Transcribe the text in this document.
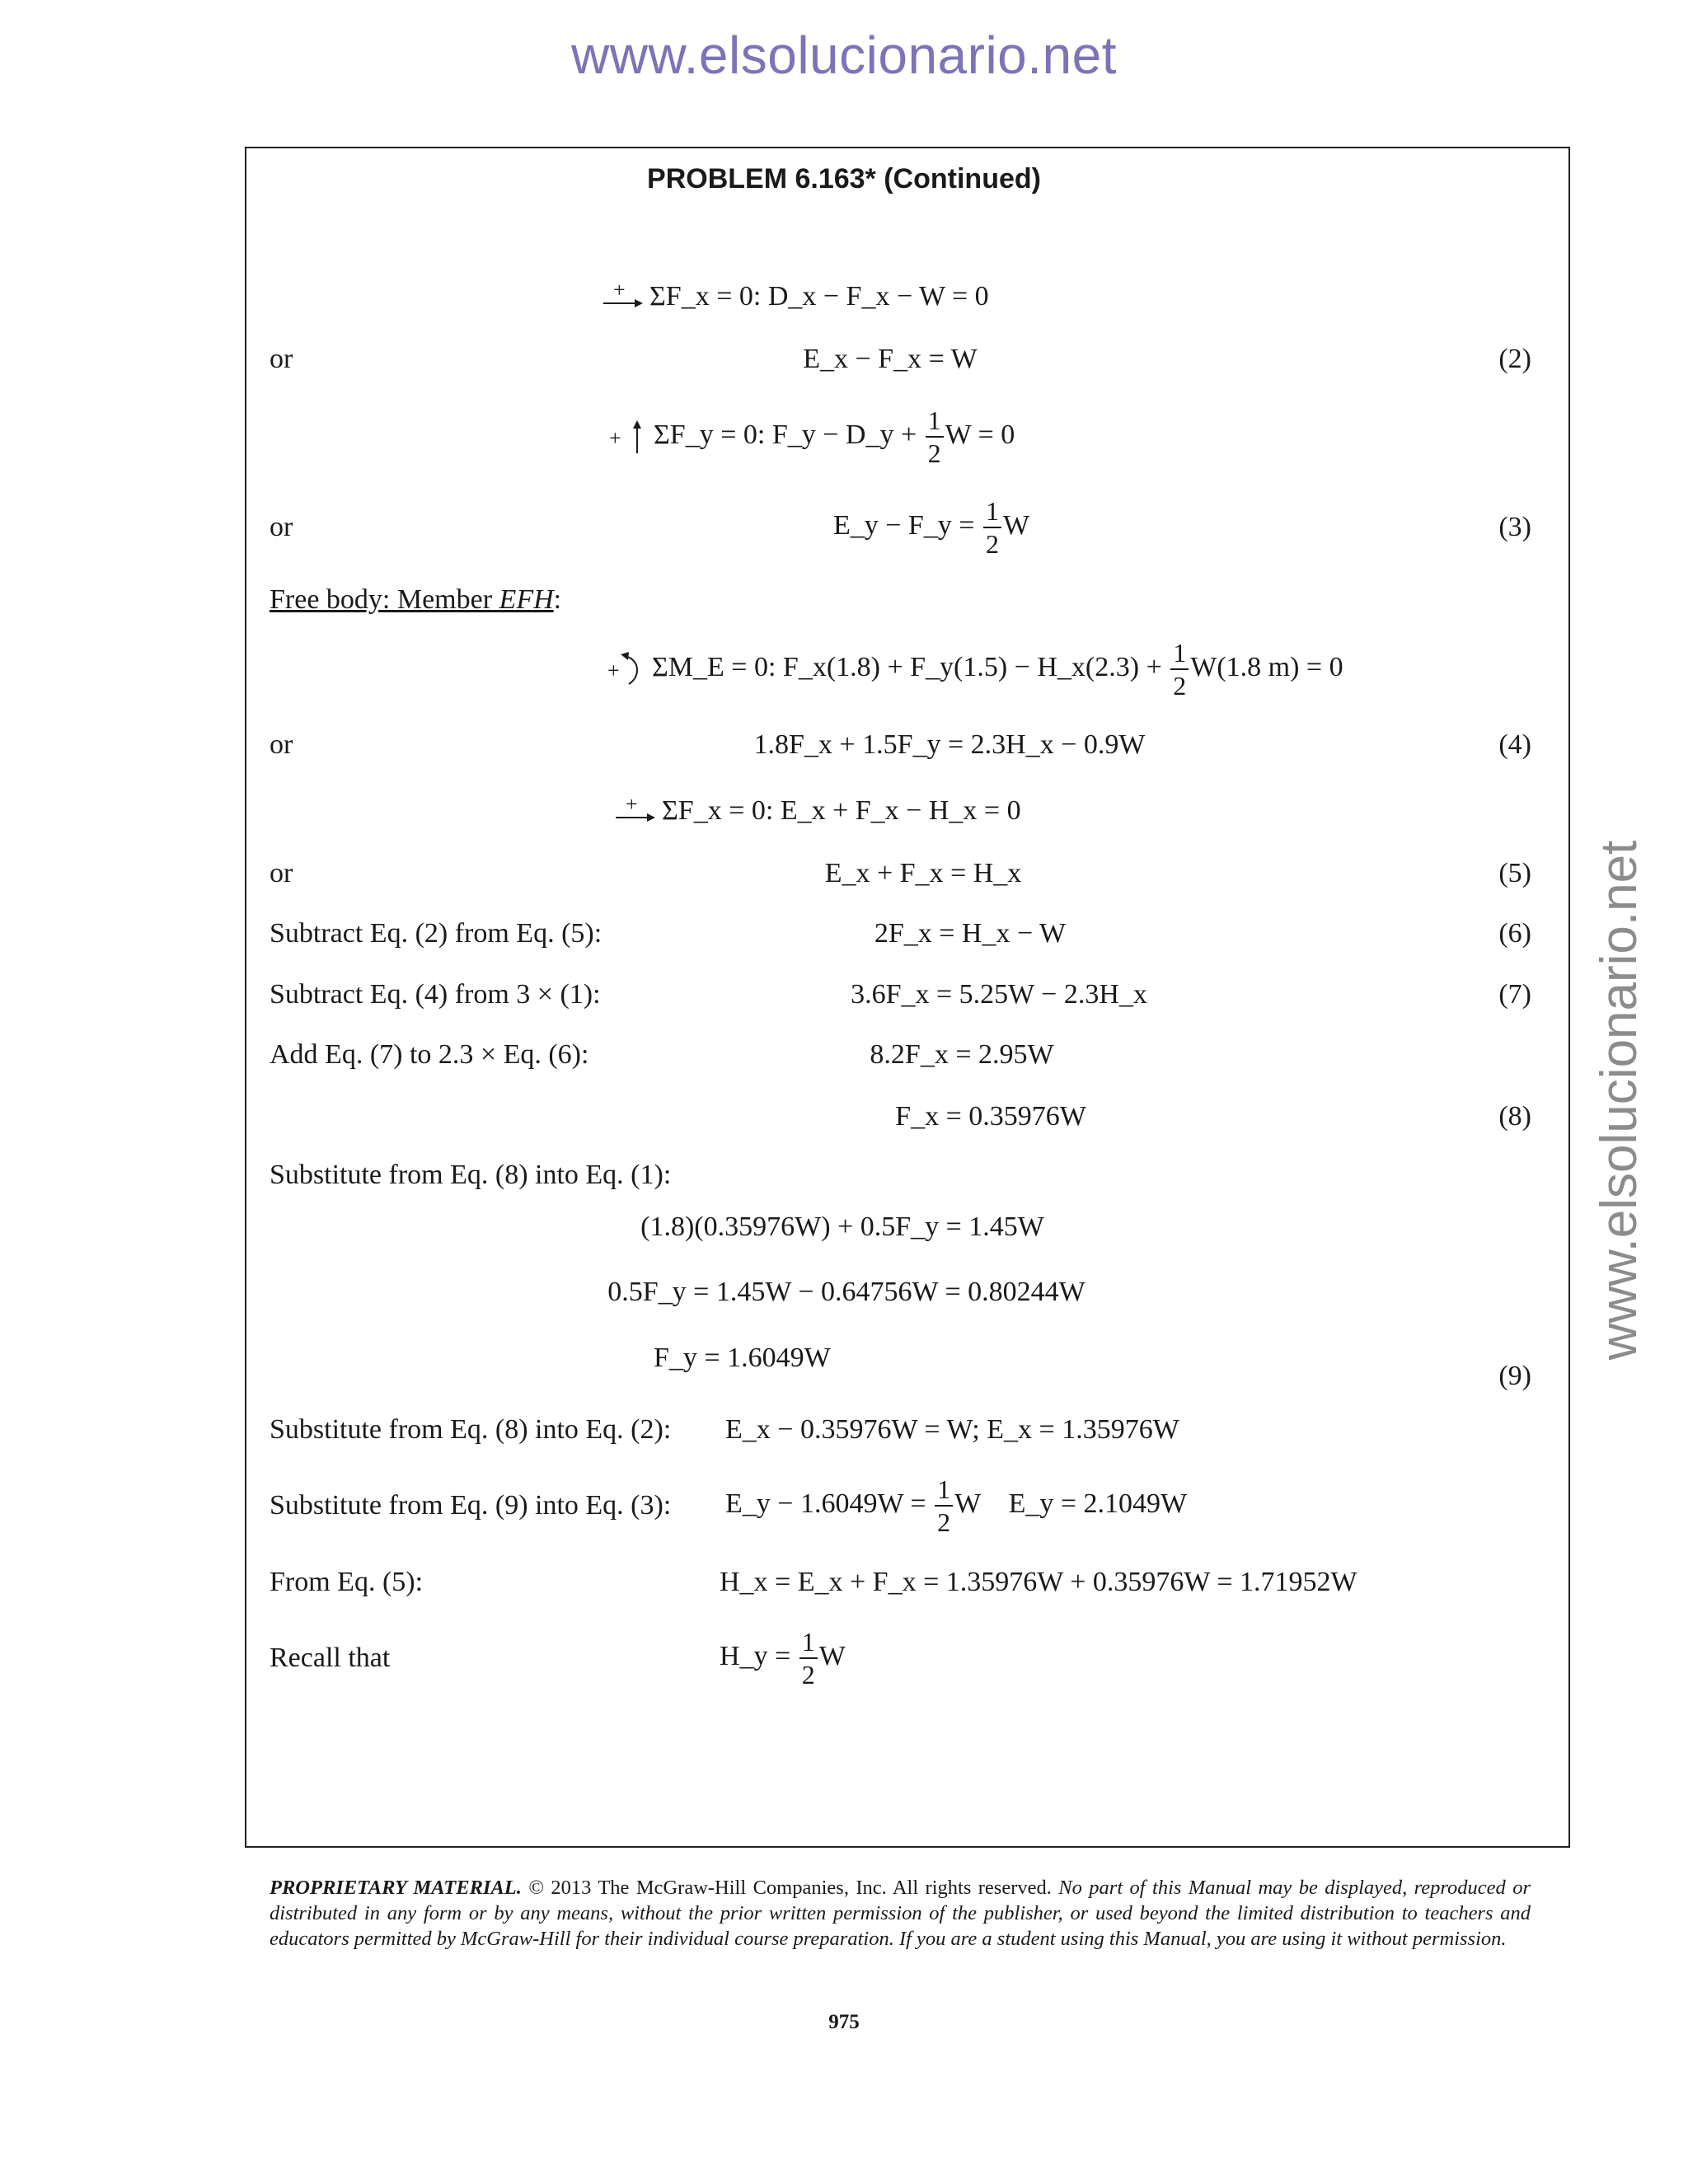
www.elsolucionario.net
www.elsolucionario.net
PROBLEM 6.163* (Continued)
+ ΣF_x = 0: D_x − F_x − W = 0
or	E_x − F_x = W	(2)
+ ΣF_y = 0: F_y − D_y + $\frac{1}{2}$ W = 0
or	E_y − F_y = $\frac{1}{2}$ W	(3)
Free body: Member EFH:
+ ΣM_E = 0: F_x(1.8) + F_y(1.5) − H_x(2.3) + $\frac{1}{2} W(1.8$ m) = 0
or	1.8F_x + 1.5F_y = 2.3H_x − 0.9W	(4)
+ ΣF_x = 0: E_x + F_x − H_x = 0
or	E_x + F_x = H_x	(5)
Subtract Eq. (2) from Eq. (5):	2F_x = H_x − W	(6)
Subtract Eq. (4) from 3 × (1):	3.6F_x = 5.25W − 2.3H_x	(7)
Add Eq. (7) to 2.3 × Eq. (6):	8.2F_x = 2.95W
F_x = 0.35976W	(8)
Substitute from Eq. (8) into Eq. (1):
(1.8)(0.35976W) + 0.5F_y = 1.45W
0.5F_y = 1.45W − 0.64756W = 0.80244W
F_y = 1.6049W
(9)
Substitute from Eq. (8) into Eq. (2): E_x − 0.35976W = W; E_x = 1.35976W
Substitute from Eq. (9) into Eq. (3): E_y − $1.6049W = \frac{1}{2}$ W    E_y = 2.1049W
From Eq. (5):	H_x = E_x + F_x = 1.35976W + 0.35976W = 1.71952W
Recall that	H_y = $\frac{1}{2}$ W
PROPRIETARY MATERIAL. © 2013 The McGraw-Hill Companies, Inc. All rights reserved. No part of this Manual may be displayed, reproduced or distributed in any form or by any means, without the prior written permission of the publisher, or used beyond the limited distribution to teachers and educators permitted by McGraw-Hill for their individual course preparation. If you are a student using this Manual, you are using it without permission.
975
